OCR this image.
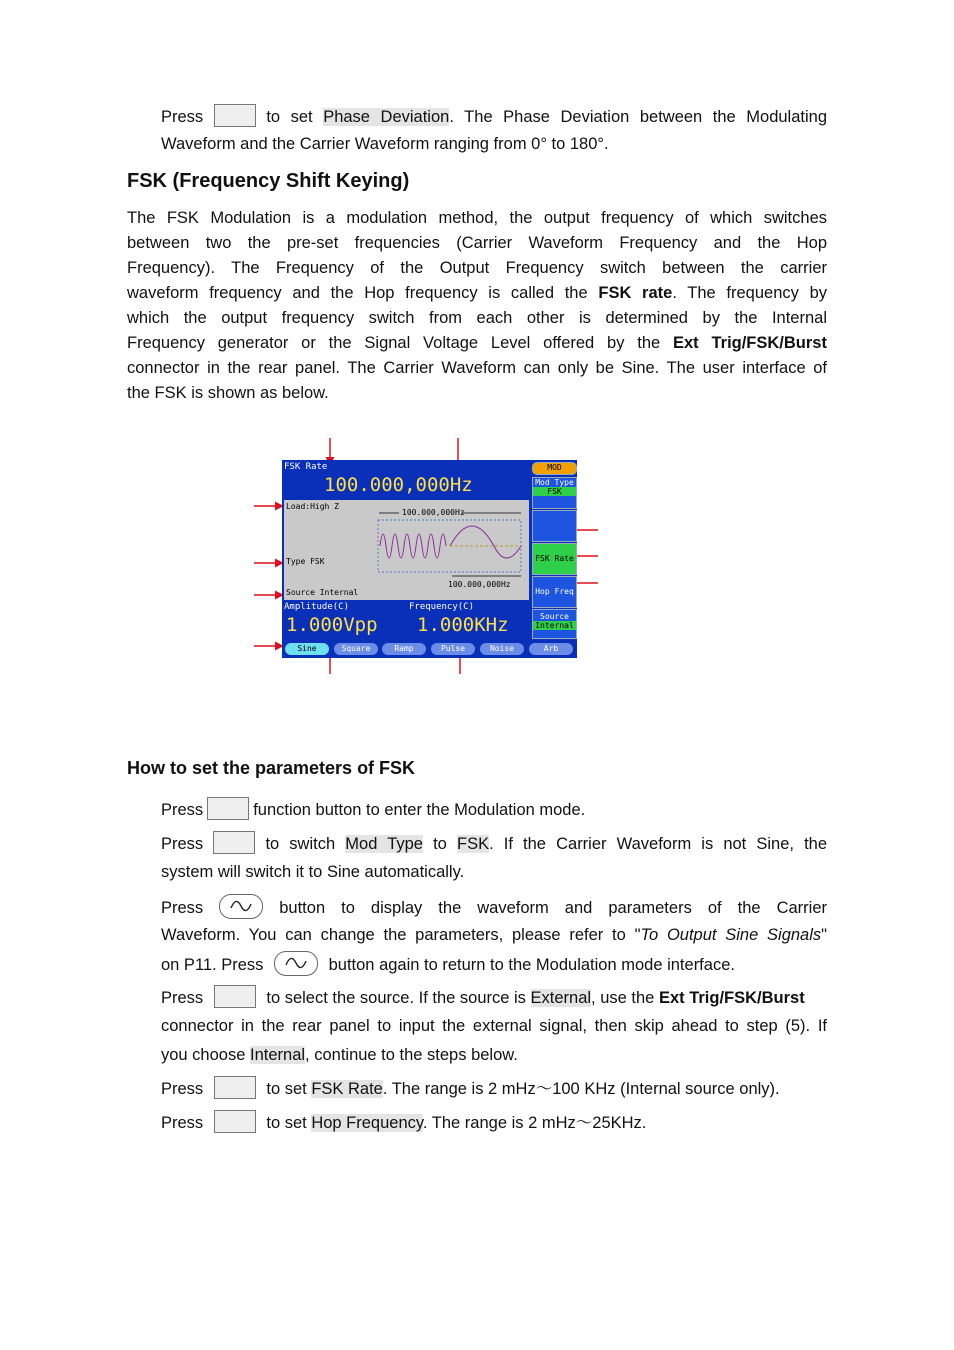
Press	to set Phase Deviation. The Phase Deviation between the Modulating
Waveform and the Carrier Waveform ranging from 0° to 180°.
FSK (Frequency Shift Keying)
The FSK Modulation is a modulation method, the output frequency of which switches
between two the pre-set frequencies (Carrier Waveform Frequency and the Hop
Frequency). The Frequency of the Output Frequency switch between the carrier
waveform frequency and the Hop frequency is called the FSK rate. The frequency by
which the output frequency switch from each other is determined by the Internal
Frequency generator or the Signal Voltage Level offered by the Ext Trig/FSK/Burst
connector in the rear panel. The Carrier Waveform can only be Sine. The user interface of
the FSK is shown as below.
FSK Rate
100.000,000Hz
Load:High Z
Type FSK
Source Internal
100.000,000Hz
100.000,000Hz
Amplitude(C)
1.000Vpp
Frequency(C)
1.000KHz
MOD
Mod Type
FSK
FSK Rate
Hop Freq
Source
Internal
Sine	Square	Ramp	Pulse	Noise	Arb
How to set the parameters of FSK
Press	function button to enter the Modulation mode.
Press	to switch Mod Type to FSK. If the Carrier Waveform is not Sine, the
system will switch it to Sine automatically.
Press	button to display the waveform and parameters of the Carrier
Waveform. You can change the parameters, please refer to "To Output Sine Signals"
on P11. Press	button again to return to the Modulation mode interface.
Press	to select the source. If the source is External, use the Ext Trig/FSK/Burst
connector in the rear panel to input the external signal, then skip ahead to step (5). If
you choose Internal, continue to the steps below.
Press	to set FSK Rate. The range is 2 mHz～100 KHz (Internal source only).
Press	to set Hop Frequency. The range is 2 mHz～25KHz.
